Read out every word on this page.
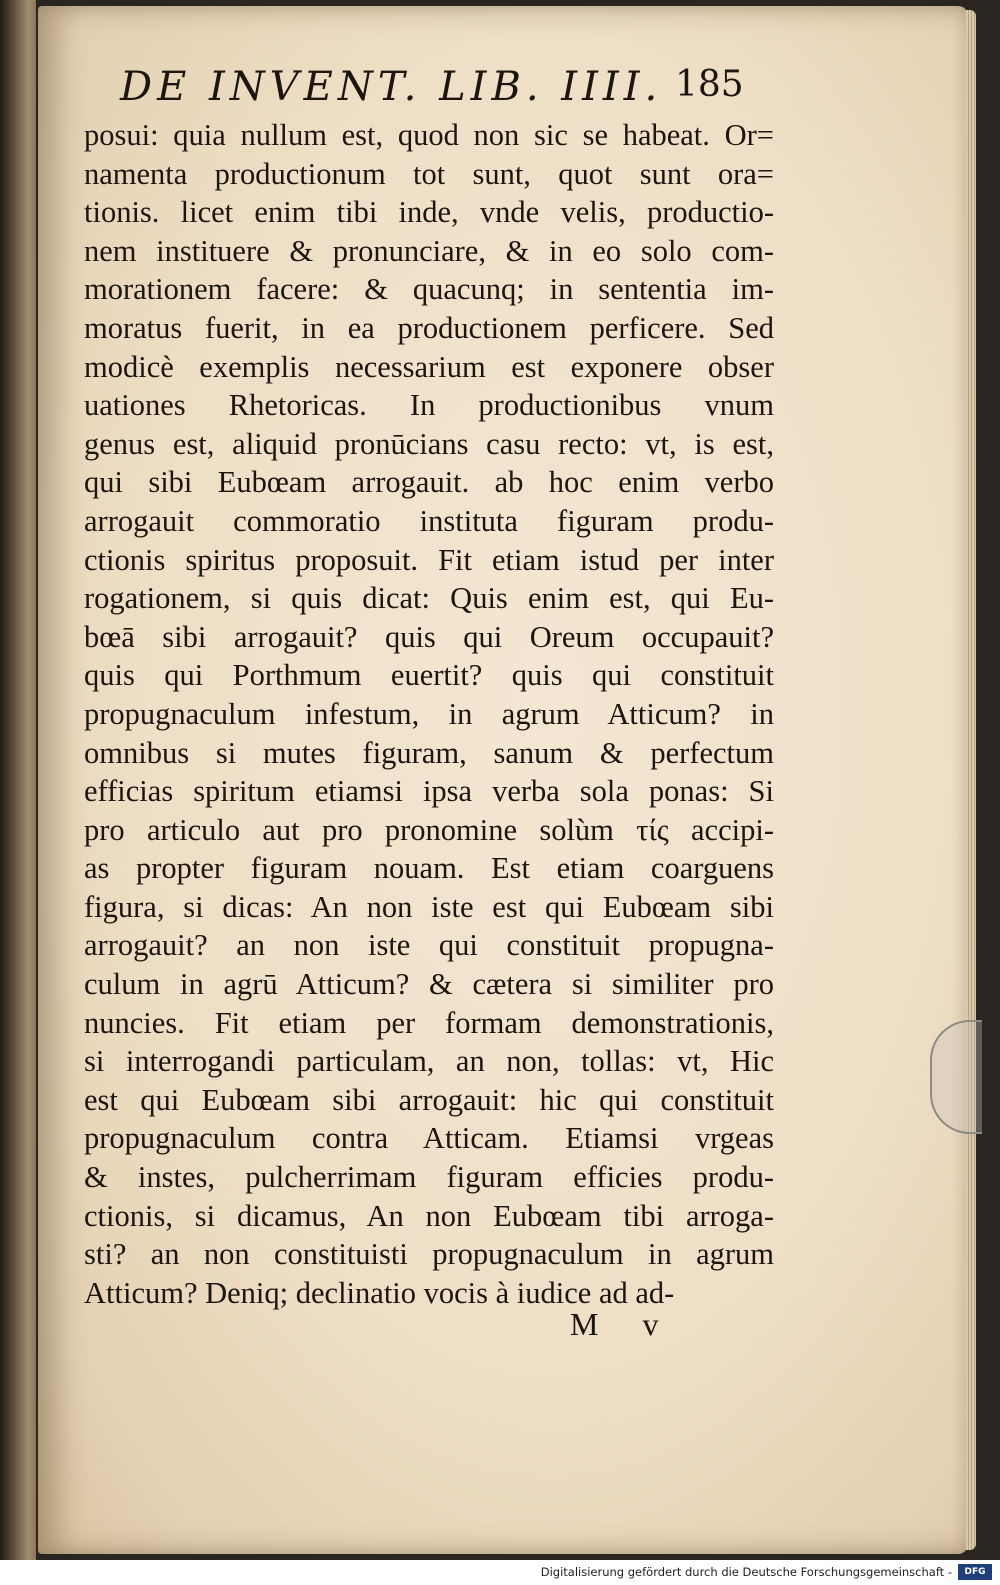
DE INVENT. LIB. IIII. 185
posui: quia nullum est, quod non sic se habeat. Or=
namenta productionum tot sunt, quot sunt ora=
tionis. licet enim tibi inde, vnde velis, productio-
nem instituere & pronunciare, & in eo solo com-
morationem facere: & quacunq; in sententia im-
moratus fuerit, in ea productionem perficere. Sed
modicè exemplis necessarium est exponere obser
uationes Rhetoricas. In productionibus vnum
genus est, aliquid pronūcians casu recto: vt, is est,
qui sibi Eubœam arrogauit. ab hoc enim verbo
arrogauit commoratio instituta figuram produ-
ctionis spiritus proposuit. Fit etiam istud per inter
rogationem, si quis dicat: Quis enim est, qui Eu-
bœā sibi arrogauit? quis qui Oreum occupauit?
quis qui Porthmum euertit? quis qui constituit
propugnaculum infestum, in agrum Atticum? in
omnibus si mutes figuram, sanum & perfectum
efficias spiritum etiamsi ipsa verba sola ponas: Si
pro articulo aut pro pronomine solùm τίς accipi-
as propter figuram nouam. Est etiam coarguens
figura, si dicas: An non iste est qui Eubœam sibi
arrogauit? an non iste qui constituit propugna-
culum in agrū Atticum? & cætera si similiter pro
nuncies. Fit etiam per formam demonstrationis,
si interrogandi particulam, an non, tollas: vt, Hic
est qui Eubœam sibi arrogauit: hic qui constituit
propugnaculum contra Atticam. Etiamsi vrgeas
& instes, pulcherrimam figuram efficies produ-
ctionis, si dicamus, An non Eubœam tibi arroga-
sti? an non constituisti propugnaculum in agrum
Atticum? Deniq; declinatio vocis à iudice ad ad-
M v
Digitalisierung gefördert durch die Deutsche Forschungsgemeinschaft -	DFG
